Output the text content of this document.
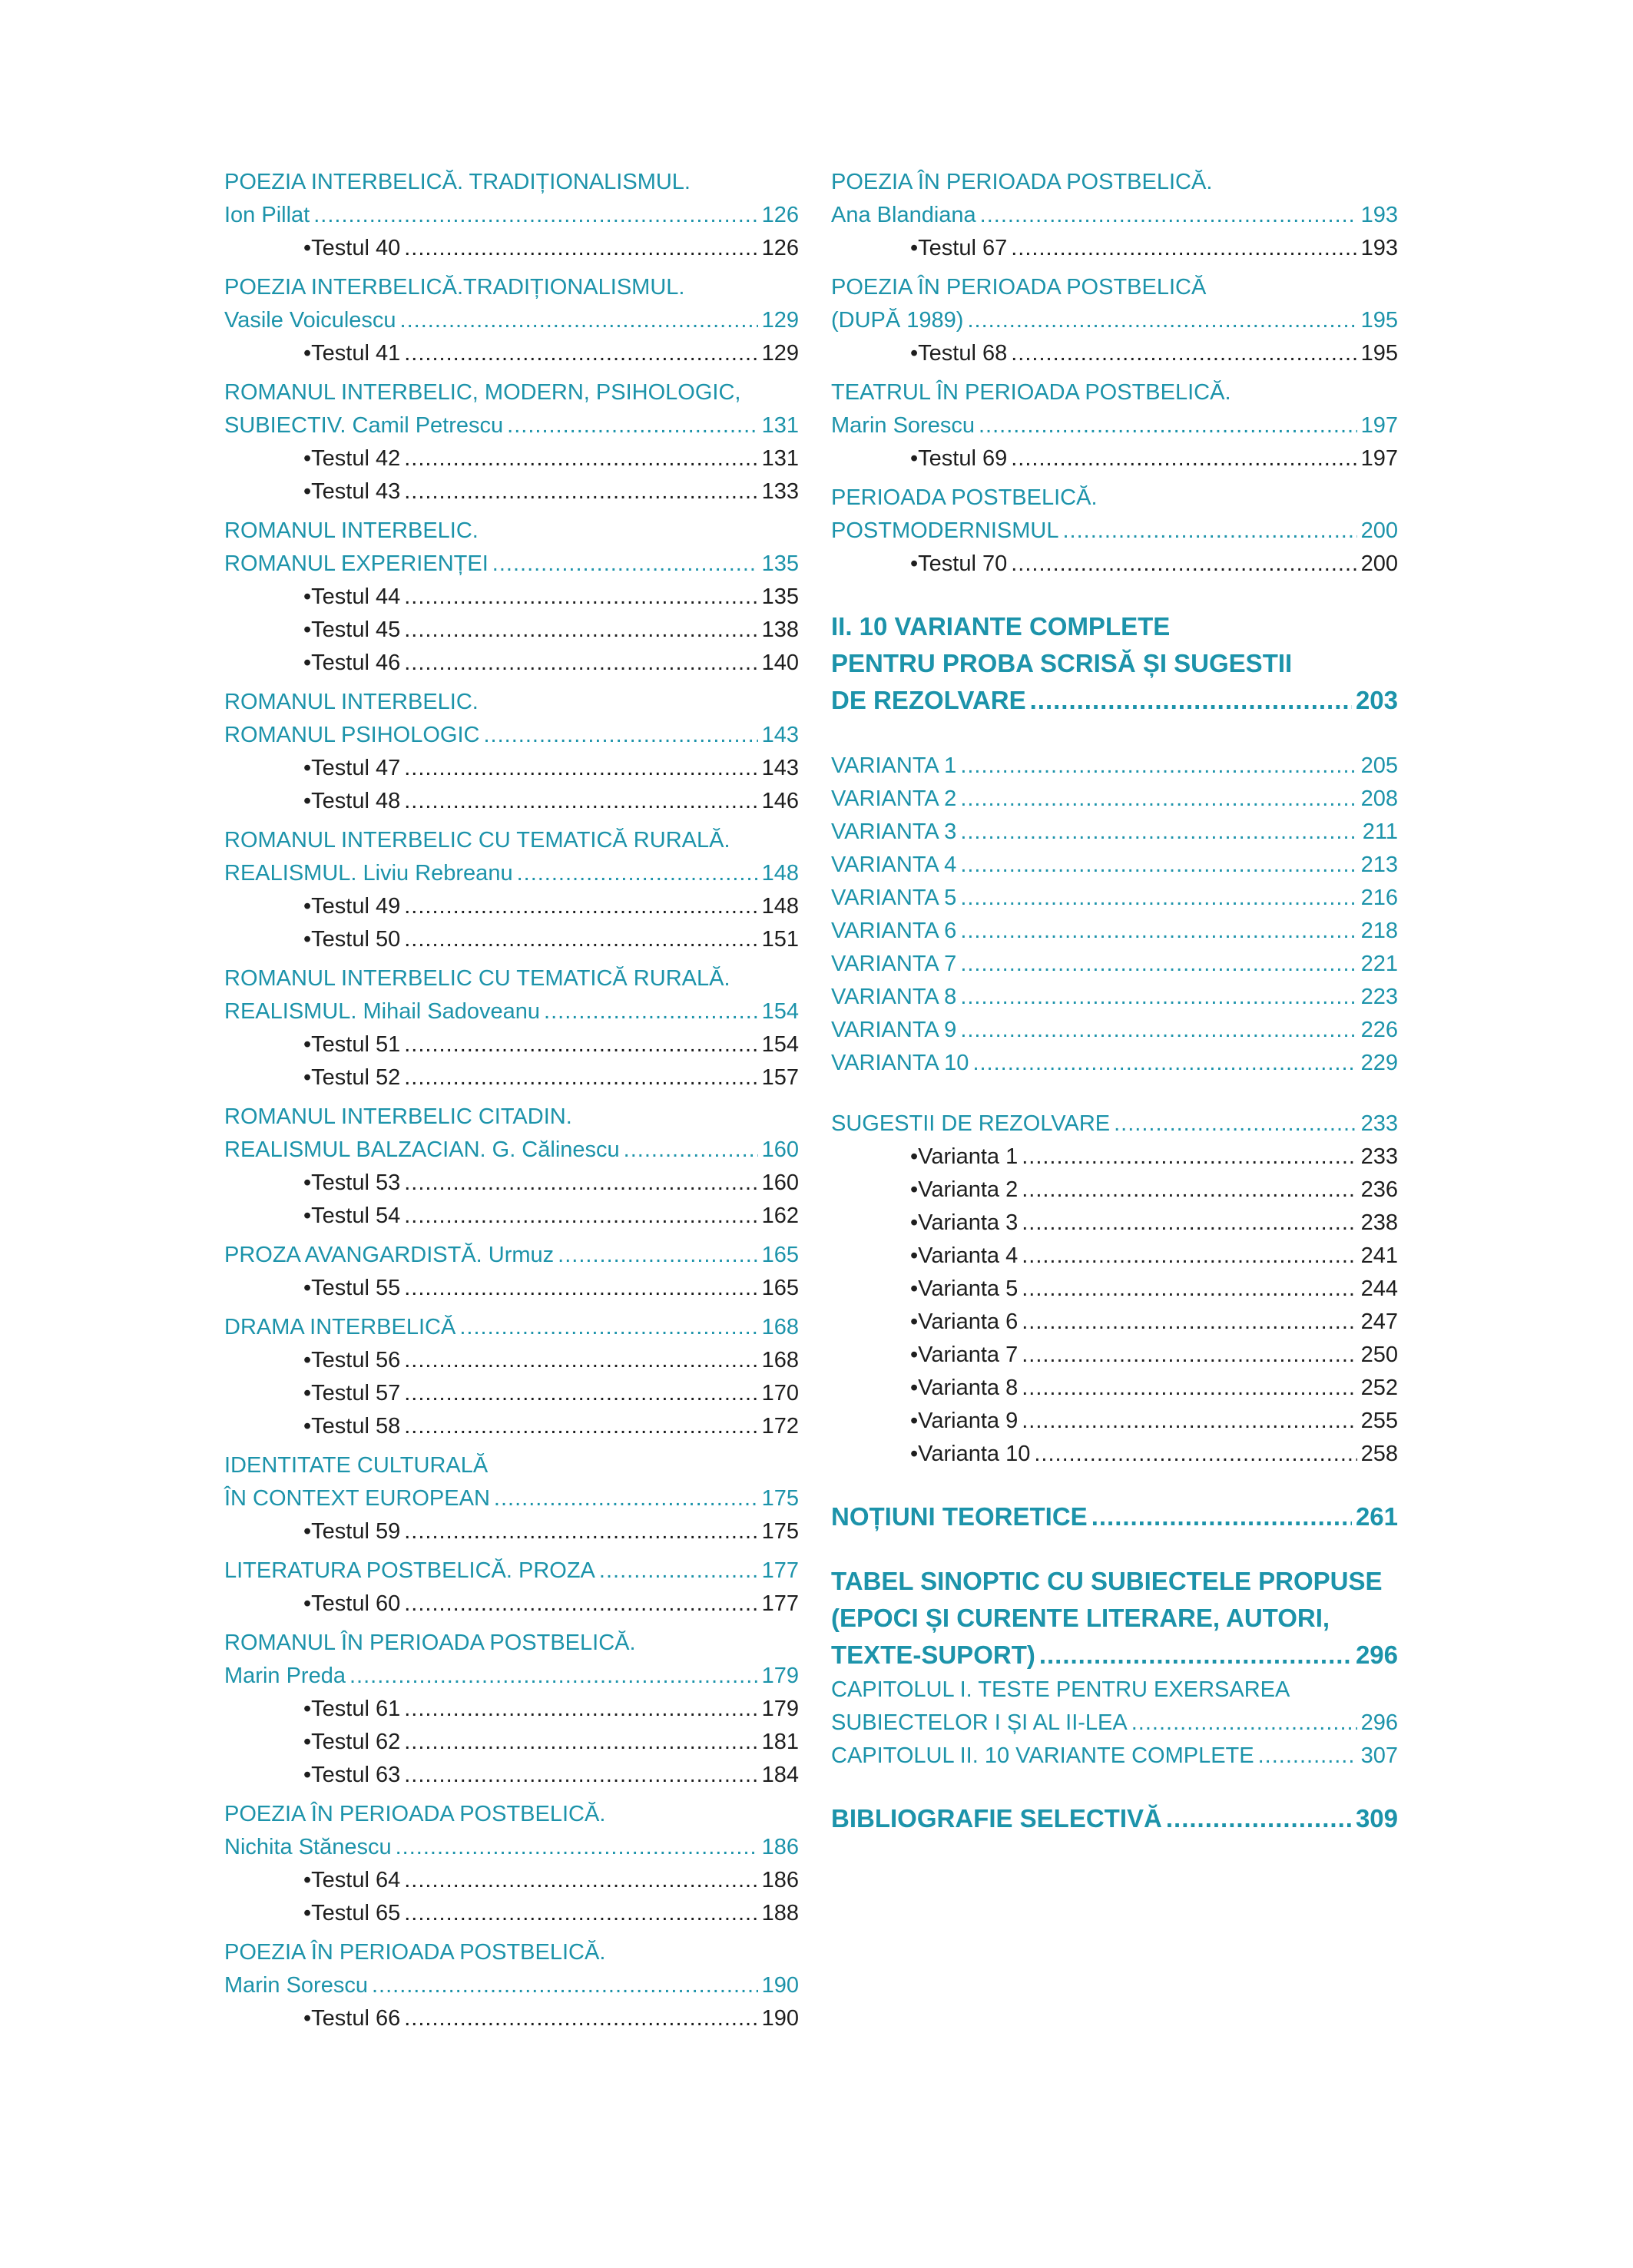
POEZIA INTERBELICĂ. TRADIȚIONALISMUL.
Ion Pillat .....	126
• Testul 40 .....	126
POEZIA INTERBELICĂ.TRADIȚIONALISMUL.
Vasile Voiculescu .....	129
• Testul 41 .....	129
ROMANUL INTERBELIC, MODERN, PSIHOLOGIC,
SUBIECTIV. Camil Petrescu .....	131
• Testul 42 .....	131
• Testul 43 .....	133
ROMANUL INTERBELIC.
ROMANUL EXPERIENȚEI .....	135
• Testul 44 .....	135
• Testul 45 .....	138
• Testul 46 .....	140
ROMANUL INTERBELIC.
ROMANUL PSIHOLOGIC .....	143
• Testul 47 .....	143
• Testul 48 .....	146
ROMANUL INTERBELIC CU TEMATICĂ RURALĂ.
REALISMUL. Liviu Rebreanu .....	148
• Testul 49 .....	148
• Testul 50 .....	151
ROMANUL INTERBELIC CU TEMATICĂ RURALĂ.
REALISMUL. Mihail Sadoveanu .....	154
• Testul 51 .....	154
• Testul 52 .....	157
ROMANUL INTERBELIC CITADIN.
REALISMUL BALZACIAN. G. Călinescu .....	160
• Testul 53 .....	160
• Testul 54 .....	162
PROZA AVANGARDISTĂ. Urmuz .....	165
• Testul 55 .....	165
DRAMA INTERBELICĂ .....	168
• Testul 56 .....	168
• Testul 57 .....	170
• Testul 58 .....	172
IDENTITATE CULTURALĂ
ÎN CONTEXT EUROPEAN .....	175
• Testul 59 .....	175
LITERATURA POSTBELICĂ. PROZA .....	177
• Testul 60 .....	177
ROMANUL ÎN PERIOADA POSTBELICĂ.
Marin Preda .....	179
• Testul 61 .....	179
• Testul 62 .....	181
• Testul 63 .....	184
POEZIA ÎN PERIOADA POSTBELICĂ.
Nichita Stănescu .....	186
• Testul 64 .....	186
• Testul 65 .....	188
POEZIA ÎN PERIOADA POSTBELICĂ.
Marin Sorescu .....	190
• Testul 66 .....	190
POEZIA ÎN PERIOADA POSTBELICĂ.
Ana Blandiana .....	193
• Testul 67 .....	193
POEZIA ÎN PERIOADA POSTBELICĂ
(DUPĂ 1989) .....	195
• Testul 68 .....	195
TEATRUL ÎN PERIOADA POSTBELICĂ.
Marin Sorescu .....	197
• Testul 69 .....	197
PERIOADA POSTBELICĂ.
POSTMODERNISMUL .....	200
• Testul 70 .....	200
II. 10 VARIANTE COMPLETE
PENTRU PROBA SCRISĂ ȘI SUGESTII
DE REZOLVARE .....	203
VARIANTA 1 .....	205
VARIANTA 2 .....	208
VARIANTA 3 .....	211
VARIANTA 4 .....	213
VARIANTA 5 .....	216
VARIANTA 6 .....	218
VARIANTA 7 .....	221
VARIANTA 8 .....	223
VARIANTA 9 .....	226
VARIANTA 10 .....	229
SUGESTII DE REZOLVARE .....	233
• Varianta 1 .....	233
• Varianta 2 .....	236
• Varianta 3 .....	238
• Varianta 4 .....	241
• Varianta 5 .....	244
• Varianta 6 .....	247
• Varianta 7 .....	250
• Varianta 8 .....	252
• Varianta 9 .....	255
• Varianta 10 .....	258
NOȚIUNI TEORETICE .....	261
TABEL SINOPTIC CU SUBIECTELE PROPUSE
(EPOCI ȘI CURENTE LITERARE, AUTORI,
TEXTE-SUPORT) .....	296
CAPITOLUL I. TESTE PENTRU EXERSAREA
SUBIECTELOR I ȘI AL II-LEA .....	296
CAPITOLUL II. 10 VARIANTE COMPLETE .....	307
BIBLIOGRAFIE SELECTIVĂ .....	309
